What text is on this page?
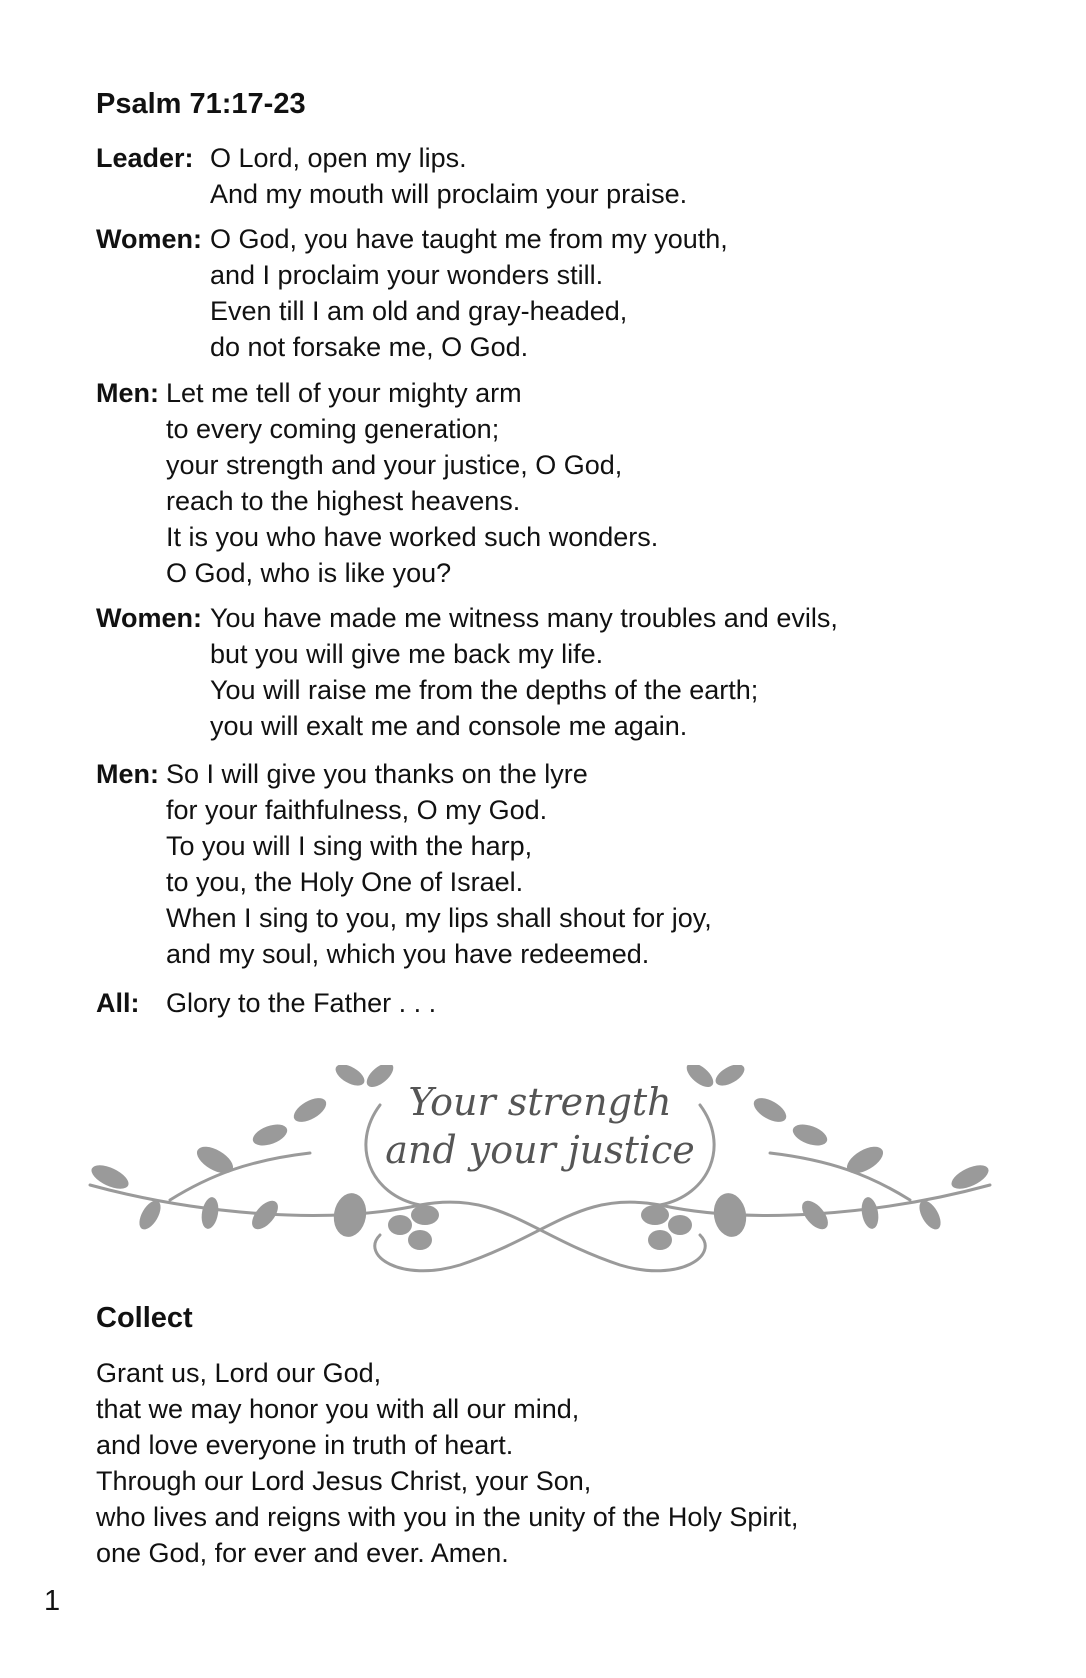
Psalm 71:17-23
Leader: O Lord, open my lips.
And my mouth will proclaim your praise.
Women: O God, you have taught me from my youth,
and I proclaim your wonders still.
Even till I am old and gray-headed,
do not forsake me, O God.
Men: Let me tell of your mighty arm
to every coming generation;
your strength and your justice, O God,
reach to the highest heavens.
It is you who have worked such wonders.
O God, who is like you?
Women: You have made me witness many troubles and evils,
but you will give me back my life.
You will raise me from the depths of the earth;
you will exalt me and console me again.
Men: So I will give you thanks on the lyre
for your faithfulness, O my God.
To you will I sing with the harp,
to you, the Holy One of Israel.
When I sing to you, my lips shall shout for joy,
and my soul, which you have redeemed.
All: Glory to the Father . . .
Your strength
and your justice
Collect
Grant us, Lord our God,
that we may honor you with all our mind,
and love everyone in truth of heart.
Through our Lord Jesus Christ, your Son,
who lives and reigns with you in the unity of the Holy Spirit,
one God, for ever and ever. Amen.
1
